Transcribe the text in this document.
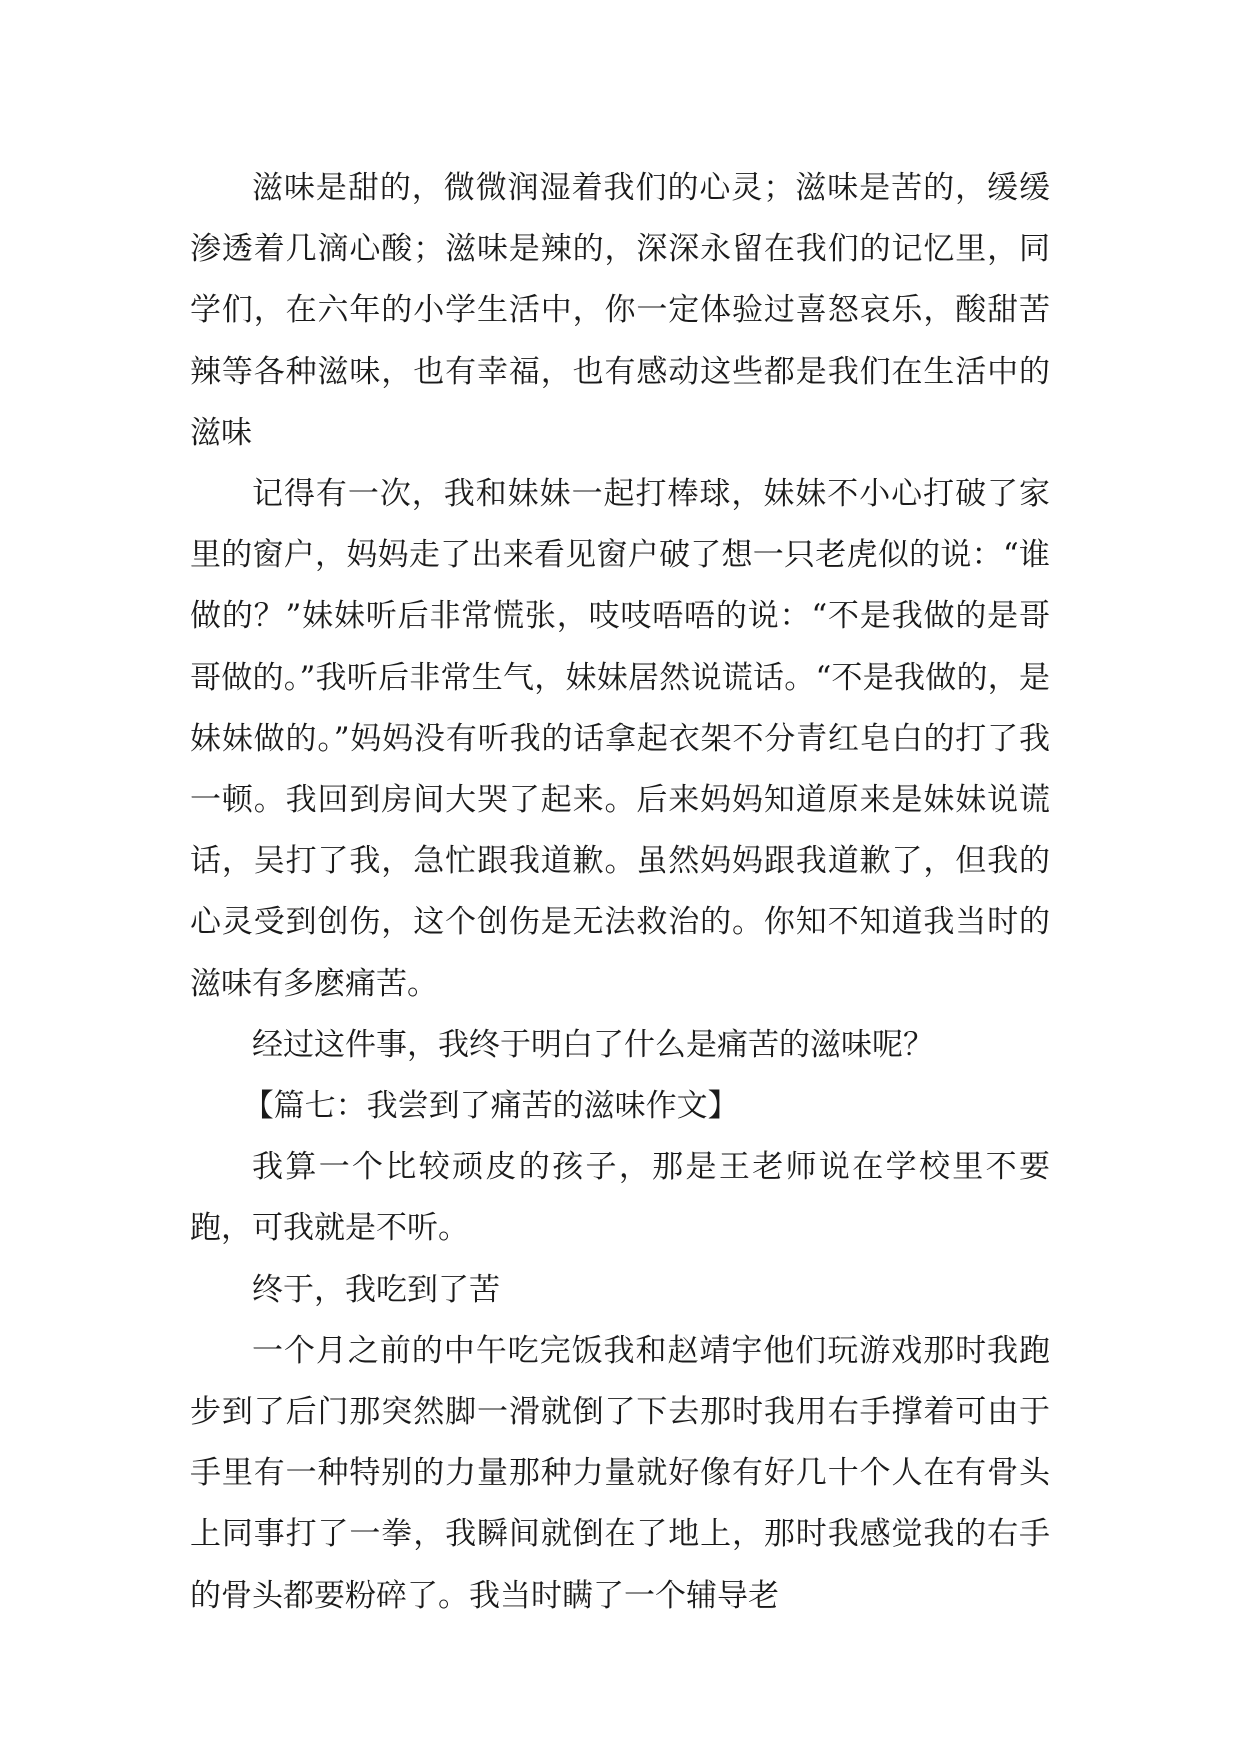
滋味是甜的，微微润湿着我们的心灵；滋味是苦的，缓缓渗透着几滴心酸；滋味是辣的，深深永留在我们的记忆里，同学们，在六年的小学生活中，你一定体验过喜怒哀乐，酸甜苦辣等各种滋味，也有幸福，也有感动这些都是我们在生活中的滋味

记得有一次，我和妹妹一起打棒球，妹妹不小心打破了家里的窗户，妈妈走了出来看见窗户破了想一只老虎似的说：“谁做的？”妹妹听后非常慌张，吱吱唔唔的说：“不是我做的是哥哥做的。”我听后非常生气，妹妹居然说谎话。“不是我做的，是妹妹做的。”妈妈没有听我的话拿起衣架不分青红皂白的打了我一顿。我回到房间大哭了起来。后来妈妈知道原来是妹妹说谎话，吴打了我，急忙跟我道歉。虽然妈妈跟我道歉了，但我的心灵受到创伤，这个创伤是无法救治的。你知不知道我当时的滋味有多麽痛苦。

经过这件事，我终于明白了什么是痛苦的滋味呢？

【篇七：我尝到了痛苦的滋味作文】

我算一个比较顽皮的孩子，那是王老师说在学校里不要跑，可我就是不听。

终于，我吃到了苦

一个月之前的中午吃完饭我和赵靖宇他们玩游戏那时我跑步到了后门那突然脚一滑就倒了下去那时我用右手撑着可由于手里有一种特别的力量那种力量就好像有好几十个人在有骨头上同事打了一拳，我瞬间就倒在了地上，那时我感觉我的右手的骨头都要粉碎了。我当时瞒了一个辅导老
